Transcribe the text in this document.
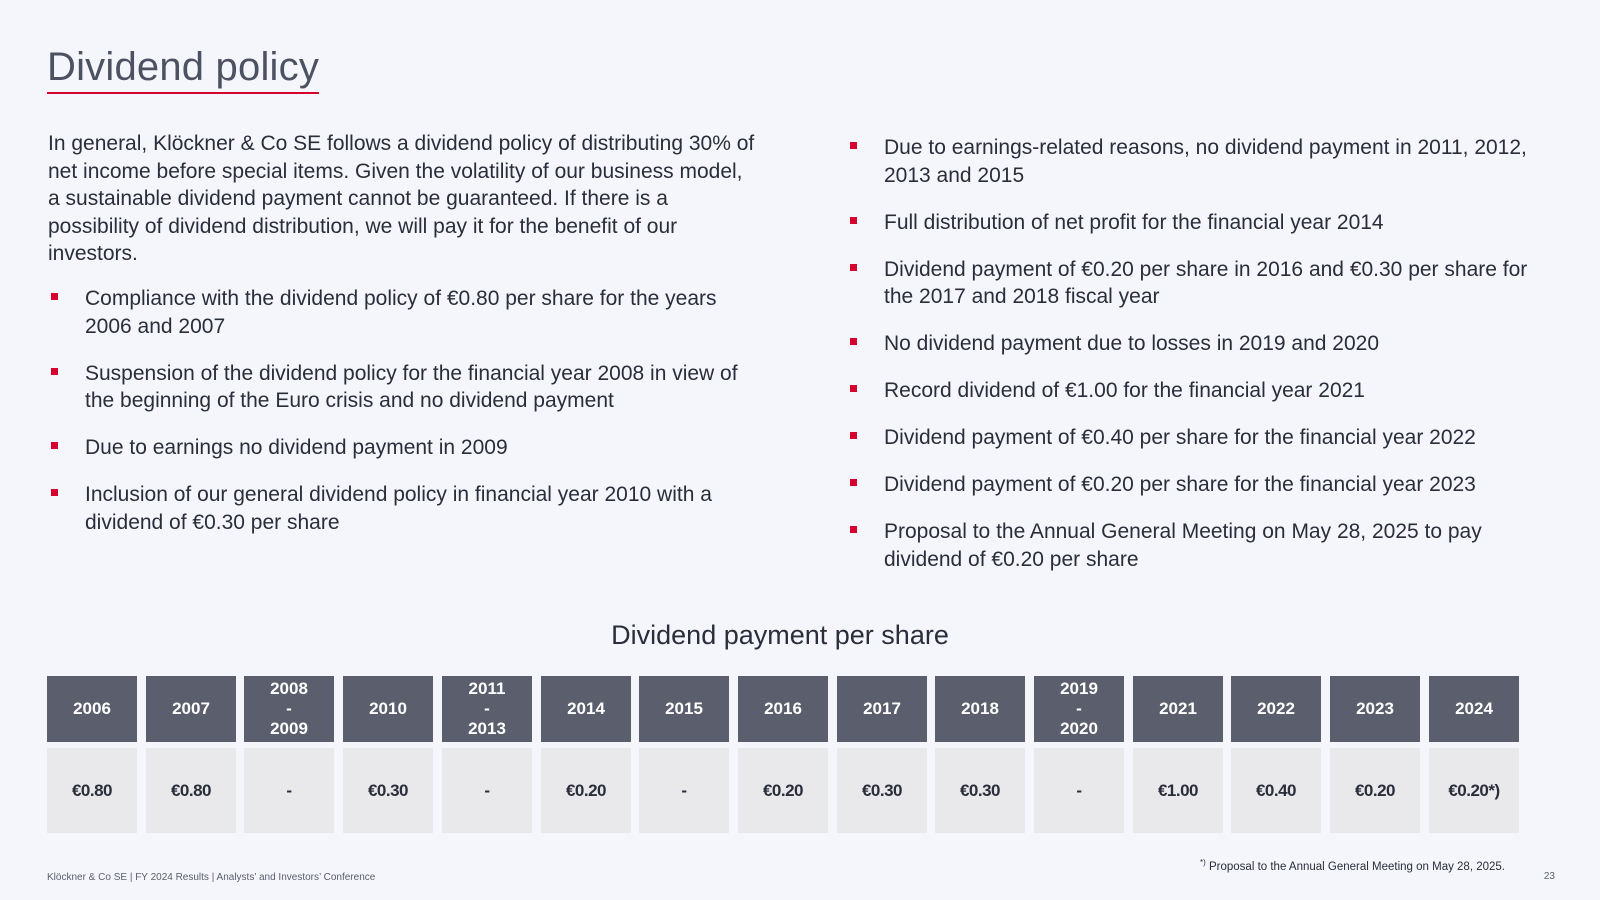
Dividend policy
In general, Klöckner & Co SE follows a dividend policy of distributing 30% of net income before special items. Given the volatility of our business model, a sustainable dividend payment cannot be guaranteed. If there is a possibility of dividend distribution, we will pay it for the benefit of our investors.
Compliance with the dividend policy of €0.80 per share for the years 2006 and 2007
Suspension of the dividend policy for the financial year 2008 in view of the beginning of the Euro crisis and no dividend payment
Due to earnings no dividend payment in 2009
Inclusion of our general dividend policy in financial year 2010 with a dividend of €0.30 per share
Due to earnings-related reasons, no dividend payment in 2011, 2012, 2013 and 2015
Full distribution of net profit for the financial year 2014
Dividend payment of €0.20 per share in 2016 and €0.30 per share for the 2017 and 2018 fiscal year
No dividend payment due to losses in 2019 and 2020
Record dividend of €1.00 for the financial year 2021
Dividend payment of €0.40 per share for the financial year 2022
Dividend payment of €0.20 per share for the financial year 2023
Proposal to the Annual General Meeting on May 28, 2025 to pay dividend of €0.20 per share
Dividend payment per share
2006
€0.80
2007
€0.80
2008
-
2009
-
2010
€0.30
2011
-
2013
-
2014
€0.20
2015
-
2016
€0.20
2017
€0.30
2018
€0.30
2019
-
2020
-
2021
€1.00
2022
€0.40
2023
€0.20
2024
€0.20*)
*) Proposal to the Annual General Meeting on May 28, 2025.
Klöckner & Co SE | FY 2024 Results | Analysts’ and Investors’ Conference	23
